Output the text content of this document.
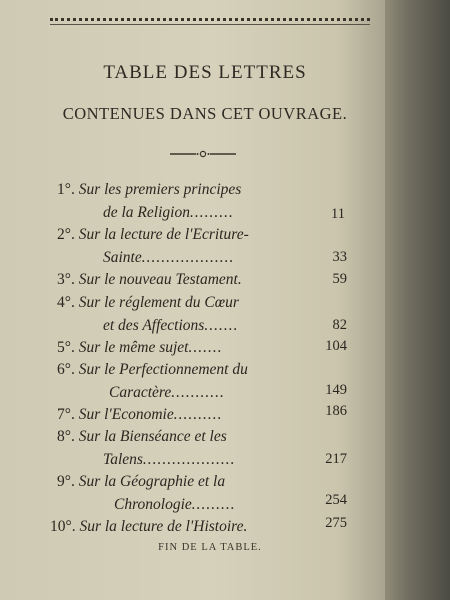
TABLE DES LETTRES
CONTENUES DANS CET OUVRAGE.
1°. Sur les premiers principes
de la Religion.........	11
2°. Sur la lecture de l'Ecriture-
Sainte...................	33
3°. Sur le nouveau Testament.	59
4°. Sur le réglement du Cœur
et des Affections.......	82
5°. Sur le même sujet.......	104
6°. Sur le Perfectionnement du
Caractère...........	149
7°. Sur l'Economie..........	186
8°. Sur la Bienséance et les
Talens...................	217
9°. Sur la Géographie et la
Chronologie.........	254
10°. Sur la lecture de l'Histoire.	275
FIN DE LA TABLE.
